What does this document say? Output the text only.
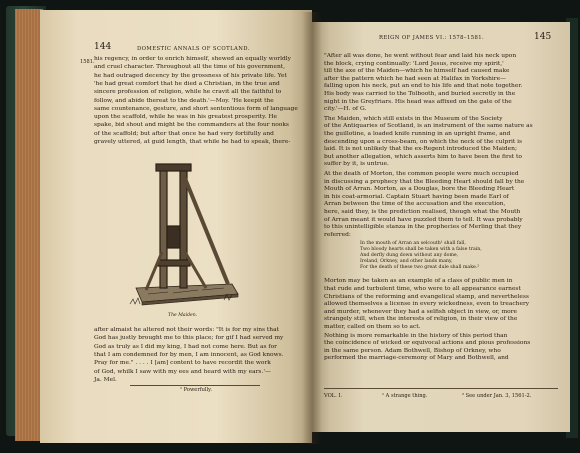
144	DOMESTIC ANNALS OF SCOTLAND.
1581. his regency, in order to enrich himself, shewed an equally worldly
and cruel character. Throughout all the time of his government,
he had outraged decency by the grossness of his private life. Yet
'he had great comfort that he died a Christian, in the true and
sincere profession of religion, while he cravit all the faithful to
follow, and abide thereat to the death.'—Moy. 'He keepit the
same countenance, gesture, and short sententious form of language
upon the scaffold, while he was in his greatest prosperity. He
spake, bid shout and might be the commanders at the four nooks
of the scaffold; but after that once he had very fortifully and
gravely uttered, at guid length, that while he had to speak, there-
The Maiden.
after almaist he altered not their words: "It is for my sins that
God has justly brought me to this place; for gif I had served my
God as truly as I did my king, I had not come here. But as for
that I am condemned for by men, I am innocent, as God knows.
Pray for me." . . . . I [am] content to have recordit the work
of God, whilk I saw with my ees and heard with my ears.'—
Ja. Mel.
¹ Powerfully.
REIGN OF JAMES VI.: 1578–1581.	145
"After all was done, he went without fear and laid his neck upon
the block, crying continually: 'Lord Jesus, receive my spirit,'
till the axe of the Maiden—which he himself had caused make
after the pattern which he had seen at Halifax in Yorkshire—
falling upon his neck, put an end to his life and that note together.
His body was carried to the Tolbooth, and buried secretly in the
night in the Greyfriars. His head was affixed on the gate of the
city.'—H. of G.
The Maiden, which still exists in the Museum of the Society
of the Antiquaries of Scotland, is an instrument of the same nature as
the guillotine, a loaded knife running in an upright frame, and
descending upon a cross-beam, on which the neck of the culprit is
laid. It is not unlikely that the ex-Regent introduced the Maiden;
but another allegation, which asserts him to have been the first to
suffer by it, is untrue.
At the death of Morton, the common people were much occupied
in discussing a prophecy that the Bleeding Heart should fall by the
Mouth of Arran. Morton, as a Douglas, bore the Bleeding Heart
in his coat-armorial. Captain Stuart having been made Earl of
Arran between the time of the accusation and the execution,
here, said they, is the prediction realised, though what the Mouth
of Arran meant it would have puzzled them to tell. It was probably
to this unintelligible stanza in the prophecies of Merling that they
referred:
In the mouth of Arran an selcouth¹ shall fall,
Two bloody hearts shall be taken with a false train,
And derfly dung down without any dome,
Ireland, Orkney, and other lands many,
For the death of these two great dule shall make.²
Morton may be taken as an example of a class of public men in
that rude and turbulent time, who were to all appearance earnest
Christians of the reforming and evangelical stamp, and nevertheless
allowed themselves a license in every wickedness, even to treachery
and murder, whenever they had a selfish object in view, or, more
strangely still, when the interests of religion, in their view of the
matter, called on them so to act.
Nothing is more remarkable in the history of this period than
the coincidence of wicked or equivocal actions and pious professions
in the same person. Adam Bothwell, Bishop of Orkney, who
performed the marriage-ceremony of Mary and Bothwell, and
VOL. I.	¹ A strange thing.	² See under Jan. 3, 1561-2.
